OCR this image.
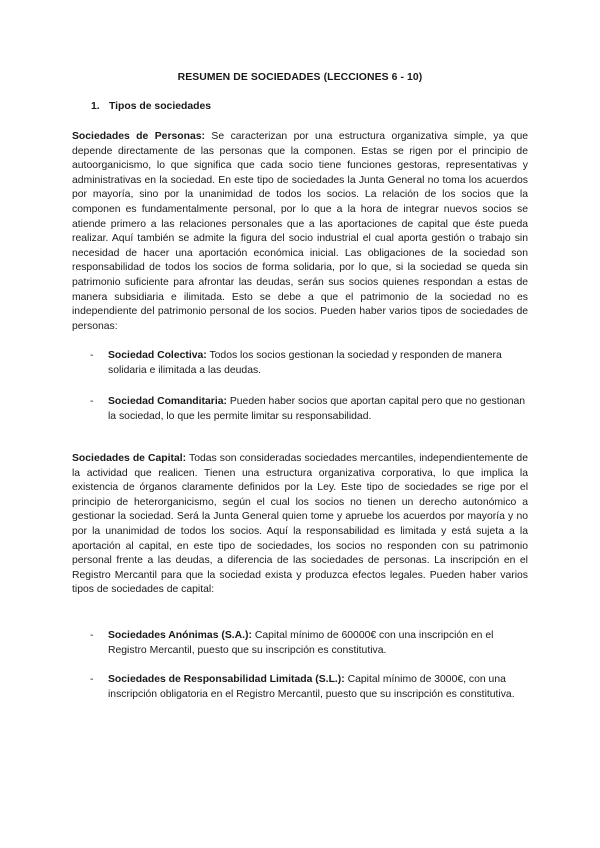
RESUMEN DE SOCIEDADES (LECCIONES 6 - 10)
1. Tipos de sociedades

Sociedades de Personas: Se caracterizan por una estructura organizativa simple, ya que depende directamente de las personas que la componen. Estas se rigen por el principio de autoorganicismo, lo que significa que cada socio tiene funciones gestoras, representativas y administrativas en la sociedad. En este tipo de sociedades la Junta General no toma los acuerdos por mayoría, sino por la unanimidad de todos los socios. La relación de los socios que la componen es fundamentalmente personal, por lo que a la hora de integrar nuevos socios se atiende primero a las relaciones personales que a las aportaciones de capital que éste pueda realizar. Aquí también se admite la figura del socio industrial el cual aporta gestión o trabajo sin necesidad de hacer una aportación económica inicial. Las obligaciones de la sociedad son responsabilidad de todos los socios de forma solidaria, por lo que, si la sociedad se queda sin patrimonio suficiente para afrontar las deudas, serán sus socios quienes respondan a estas de manera subsidiaria e ilimitada. Esto se debe a que el patrimonio de la sociedad no es independiente del patrimonio personal de los socios. Pueden haber varios tipos de sociedades de personas:

-	Sociedad Colectiva: Todos los socios gestionan la sociedad y responden de manera solidaria e ilimitada a las deudas.
-	Sociedad Comanditaria: Pueden haber socios que aportan capital pero que no gestionan la sociedad, lo que les permite limitar su responsabilidad.

Sociedades de Capital: Todas son consideradas sociedades mercantiles, independientemente de la actividad que realicen. Tienen una estructura organizativa corporativa, lo que implica la existencia de órganos claramente definidos por la Ley. Este tipo de sociedades se rige por el principio de heterorganicismo, según el cual los socios no tienen un derecho autonómico a gestionar la sociedad. Será la Junta General quien tome y apruebe los acuerdos por mayoría y no por la unanimidad de todos los socios. Aquí la responsabilidad es limitada y está sujeta a la aportación al capital, en este tipo de sociedades, los socios no responden con su patrimonio personal frente a las deudas, a diferencia de las sociedades de personas. La inscripción en el Registro Mercantil para que la sociedad exista y produzca efectos legales. Pueden haber varios tipos de sociedades de capital:

-	Sociedades Anónimas (S.A.): Capital mínimo de 60000€ con una inscripción en el Registro Mercantil, puesto que su inscripción es constitutiva.
-	Sociedades de Responsabilidad Limitada (S.L.): Capital mínimo de 3000€, con una inscripción obligatoria en el Registro Mercantil, puesto que su inscripción es constitutiva.
